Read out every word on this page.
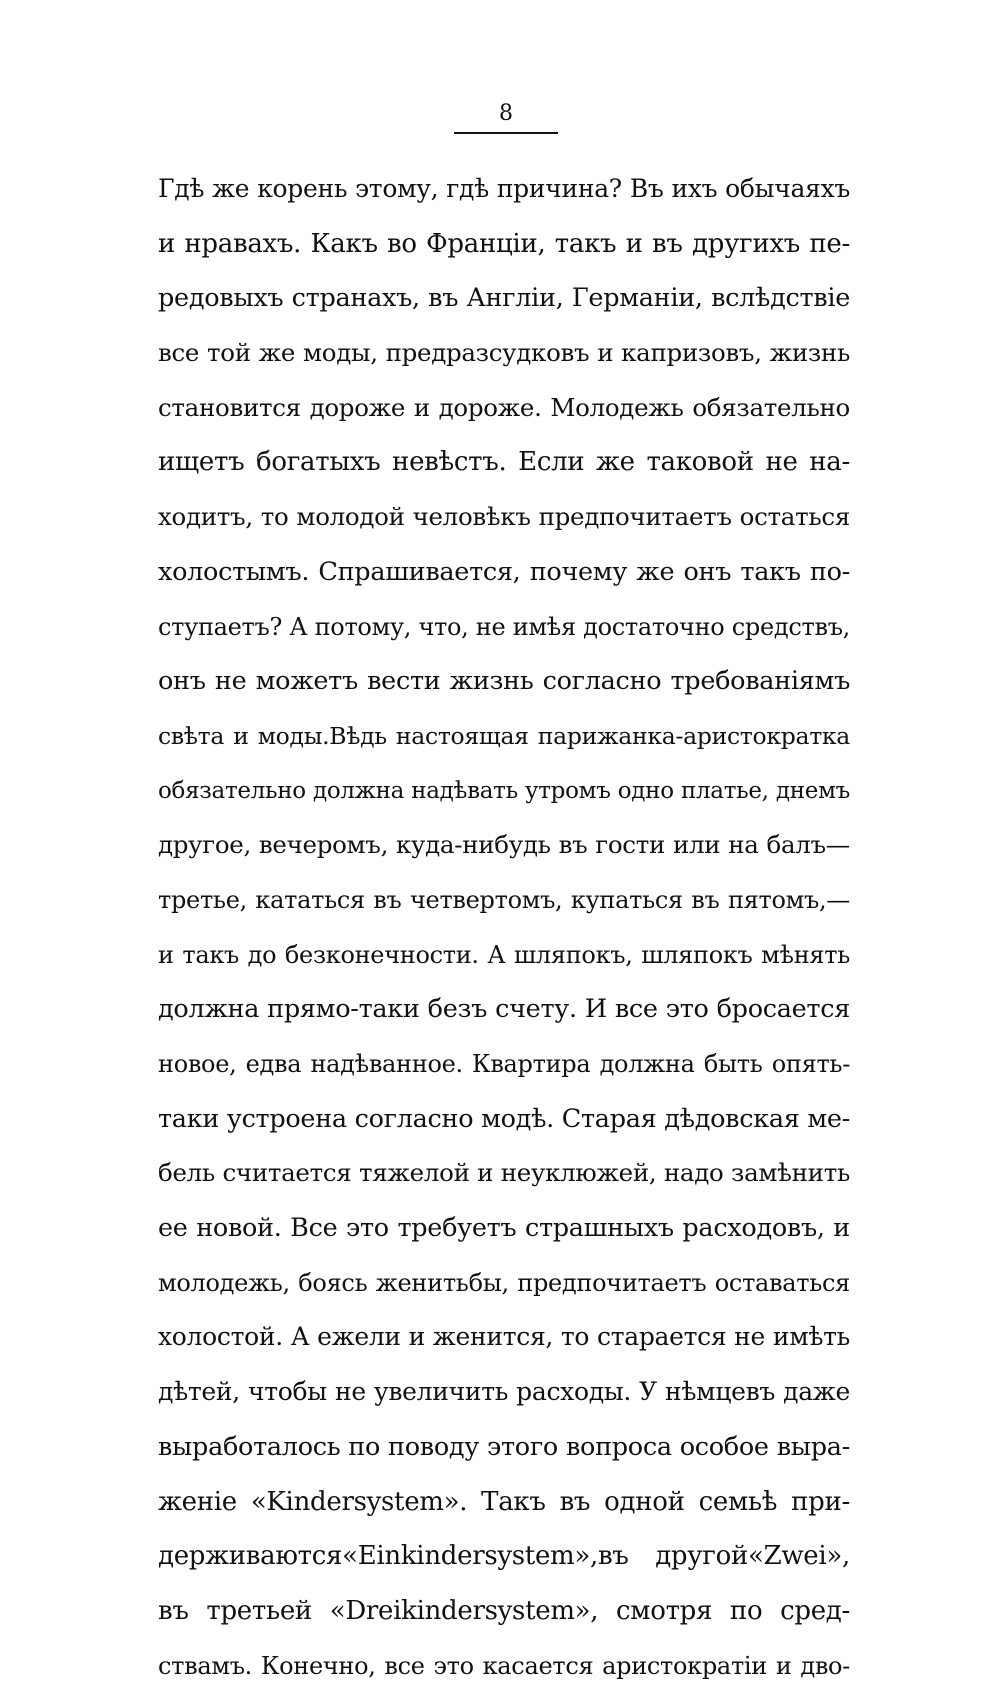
8
Гдѣ же корень этому, гдѣ причина? Въ ихъ обычаяхъ
и нравахъ. Какъ во Франціи, такъ и въ другихъ пе-
редовыхъ странахъ, въ Англіи, Германіи, вслѣдствіе
все той же моды, предразсудковъ и капризовъ, жизнь
становится дороже и дороже. Молодежь обязательно
ищетъ богатыхъ невѣстъ. Если же таковой не на-
ходитъ, то молодой человѣкъ предпочитаетъ остаться
холостымъ. Спрашивается, почему же онъ такъ по-
ступаетъ? А потому, что, не имѣя достаточно средствъ,
онъ не можетъ вести жизнь согласно требованіямъ
свѣта и моды.Вѣдь настоящая парижанка-аристократка
обязательно должна надѣвать утромъ одно платье, днемъ
другое, вечеромъ, куда-нибудь въ гости или на балъ—
третье, кататься въ четвертомъ, купаться въ пятомъ,—
и такъ до безконечности. А шляпокъ, шляпокъ мѣнять
должна прямо-таки безъ счету. И все это бросается
новое, едва надѣванное. Квартира должна быть опять-
таки устроена согласно модѣ. Старая дѣдовская ме-
бель считается тяжелой и неуклюжей, надо замѣнить
ее новой. Все это требуетъ страшныхъ расходовъ, и
молодежь, боясь женитьбы, предпочитаетъ оставаться
холостой. А ежели и женится, то старается не имѣть
дѣтей, чтобы не увеличить расходы. У нѣмцевъ даже
выработалось по поводу этого вопроса особое выра-
женіе «Kindersystem». Такъ въ одной семьѣ при-
держиваются«Einkindersystem»,въ другой«Zwei»,
въ третьей «Dreikindersystem», смотря по сред-
ствамъ. Конечно, все это касается аристократіи и дво-
